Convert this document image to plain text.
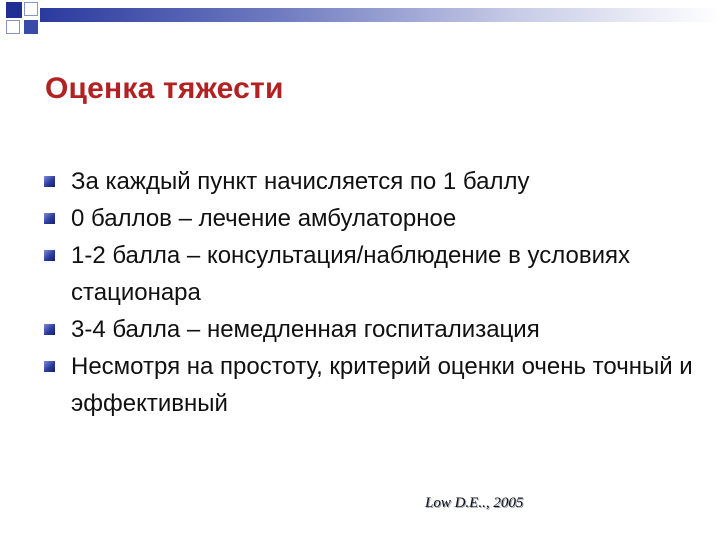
Оценка тяжести
За каждый пункт начисляется по 1 баллу
0 баллов – лечение амбулаторное
1-2 балла – консультация/наблюдение в условиях стационара
3-4 балла – немедленная госпитализация
Несмотря на простоту, критерий оценки очень точный и эффективный
Low D.E.., 2005
